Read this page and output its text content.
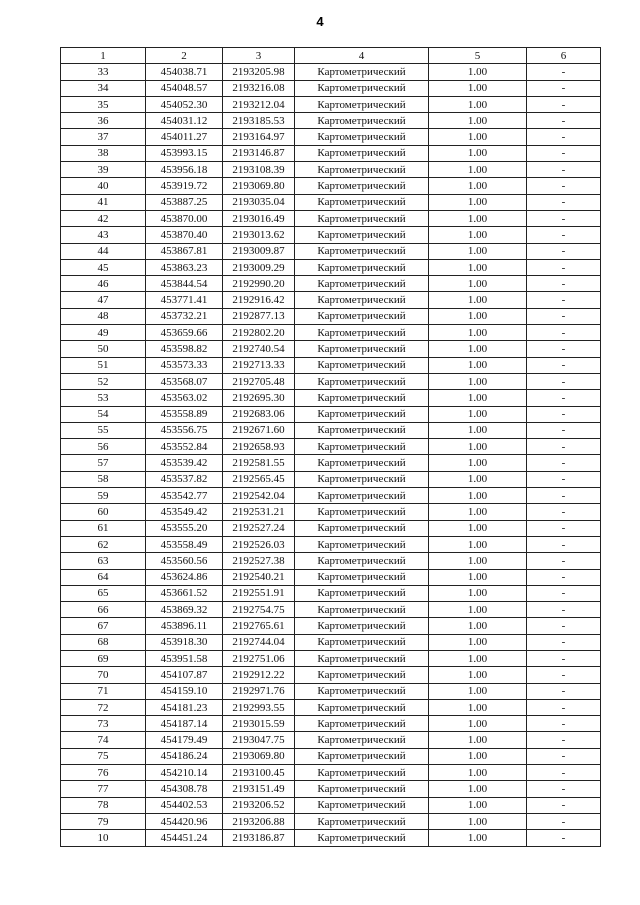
4
1	2	3	4	5	6
33	454038.71	2193205.98	Картометрический	1.00	-
34	454048.57	2193216.08	Картометрический	1.00	-
35	454052.30	2193212.04	Картометрический	1.00	-
36	454031.12	2193185.53	Картометрический	1.00	-
37	454011.27	2193164.97	Картометрический	1.00	-
38	453993.15	2193146.87	Картометрический	1.00	-
39	453956.18	2193108.39	Картометрический	1.00	-
40	453919.72	2193069.80	Картометрический	1.00	-
41	453887.25	2193035.04	Картометрический	1.00	-
42	453870.00	2193016.49	Картометрический	1.00	-
43	453870.40	2193013.62	Картометрический	1.00	-
44	453867.81	2193009.87	Картометрический	1.00	-
45	453863.23	2193009.29	Картометрический	1.00	-
46	453844.54	2192990.20	Картометрический	1.00	-
47	453771.41	2192916.42	Картометрический	1.00	-
48	453732.21	2192877.13	Картометрический	1.00	-
49	453659.66	2192802.20	Картометрический	1.00	-
50	453598.82	2192740.54	Картометрический	1.00	-
51	453573.33	2192713.33	Картометрический	1.00	-
52	453568.07	2192705.48	Картометрический	1.00	-
53	453563.02	2192695.30	Картометрический	1.00	-
54	453558.89	2192683.06	Картометрический	1.00	-
55	453556.75	2192671.60	Картометрический	1.00	-
56	453552.84	2192658.93	Картометрический	1.00	-
57	453539.42	2192581.55	Картометрический	1.00	-
58	453537.82	2192565.45	Картометрический	1.00	-
59	453542.77	2192542.04	Картометрический	1.00	-
60	453549.42	2192531.21	Картометрический	1.00	-
61	453555.20	2192527.24	Картометрический	1.00	-
62	453558.49	2192526.03	Картометрический	1.00	-
63	453560.56	2192527.38	Картометрический	1.00	-
64	453624.86	2192540.21	Картометрический	1.00	-
65	453661.52	2192551.91	Картометрический	1.00	-
66	453869.32	2192754.75	Картометрический	1.00	-
67	453896.11	2192765.61	Картометрический	1.00	-
68	453918.30	2192744.04	Картометрический	1.00	-
69	453951.58	2192751.06	Картометрический	1.00	-
70	454107.87	2192912.22	Картометрический	1.00	-
71	454159.10	2192971.76	Картометрический	1.00	-
72	454181.23	2192993.55	Картометрический	1.00	-
73	454187.14	2193015.59	Картометрический	1.00	-
74	454179.49	2193047.75	Картометрический	1.00	-
75	454186.24	2193069.80	Картометрический	1.00	-
76	454210.14	2193100.45	Картометрический	1.00	-
77	454308.78	2193151.49	Картометрический	1.00	-
78	454402.53	2193206.52	Картометрический	1.00	-
79	454420.96	2193206.88	Картометрический	1.00	-
10	454451.24	2193186.87	Картометрический	1.00	-
